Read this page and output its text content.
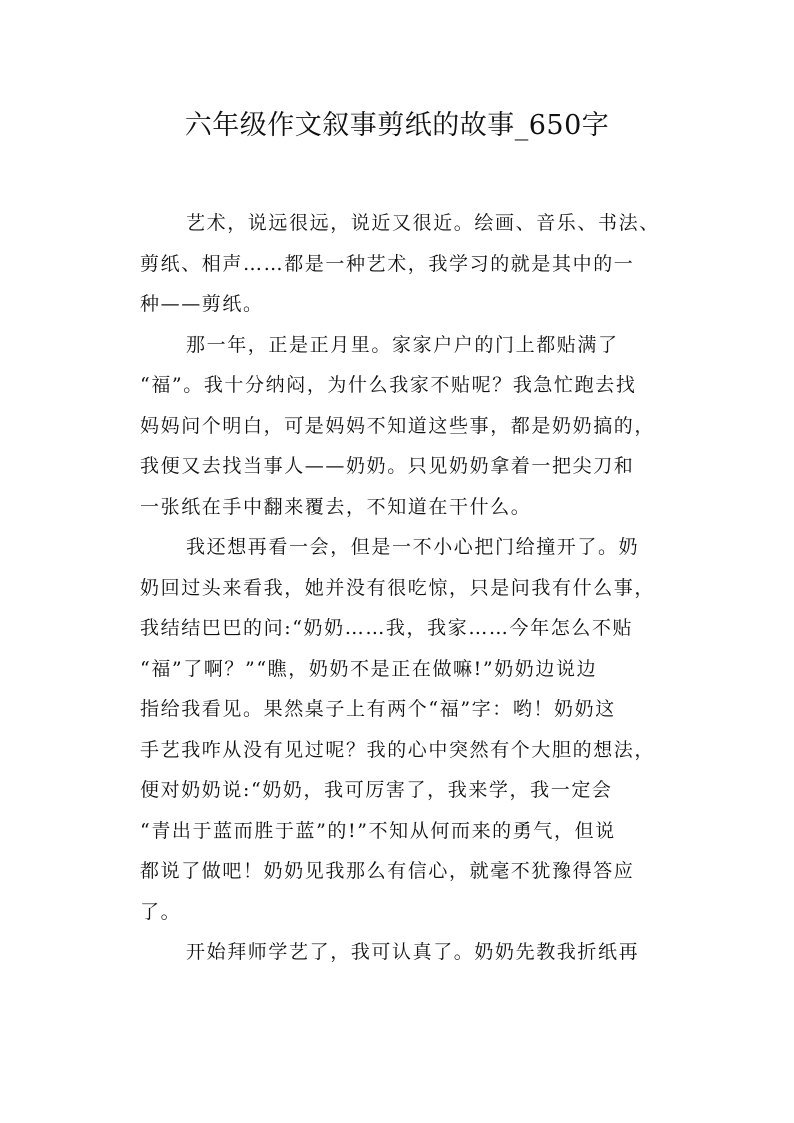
六年级作文叙事剪纸的故事_650字
艺术，说远很远，说近又很近。绘画、音乐、书法、
剪纸、相声……都是一种艺术，我学习的就是其中的一
种——剪纸。
那一年，正是正月里。家家户户的门上都贴满了
“福”。我十分纳闷，为什么我家不贴呢？我急忙跑去找
妈妈问个明白，可是妈妈不知道这些事，都是奶奶搞的，
我便又去找当事人——奶奶。只见奶奶拿着一把尖刀和
一张纸在手中翻来覆去，不知道在干什么。
我还想再看一会，但是一不小心把门给撞开了。奶
奶回过头来看我，她并没有很吃惊，只是问我有什么事，
我结结巴巴的问:“奶奶……我，我家……今年怎么不贴
“福”了啊？”“瞧，奶奶不是正在做嘛!”奶奶边说边
指给我看见。果然桌子上有两个“福”字：哟！奶奶这
手艺我咋从没有见过呢？我的心中突然有个大胆的想法，
便对奶奶说:“奶奶，我可厉害了，我来学，我一定会
“青出于蓝而胜于蓝”的!”不知从何而来的勇气，但说
都说了做吧！奶奶见我那么有信心，就毫不犹豫得答应
了。
开始拜师学艺了，我可认真了。奶奶先教我折纸再
